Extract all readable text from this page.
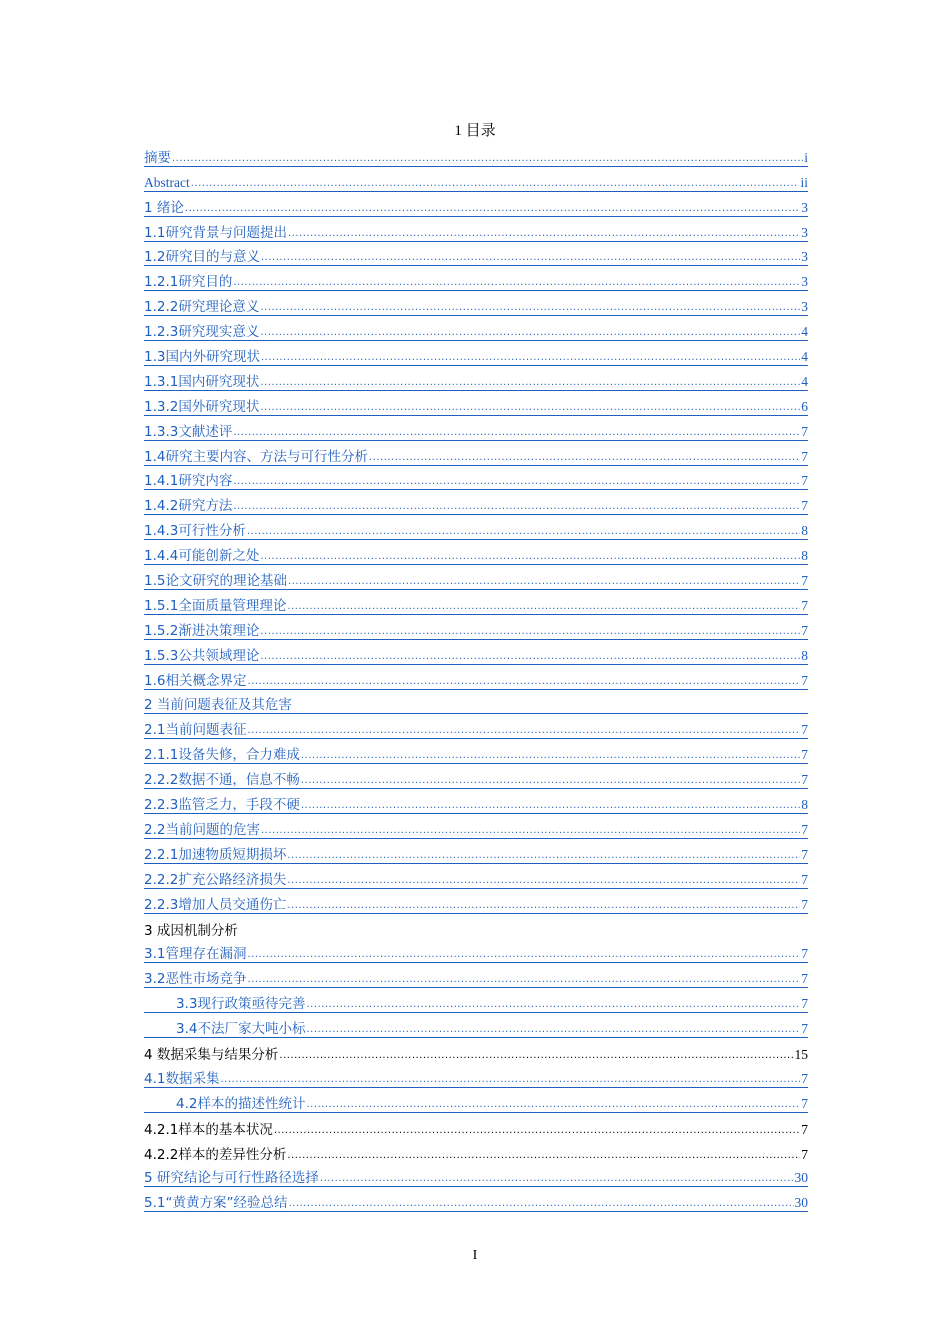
1 目录
摘要 .....	i
Abstract .....	ii
1 绪论 .....	3
1.1研究背景与问题提出 .....	3
1.2研究目的与意义 .....	3
1.2.1研究目的 .....	3
1.2.2研究理论意义 .....	3
1.2.3研究现实意义 .....	4
1.3国内外研究现状 .....	4
1.3.1国内研究现状 .....	4
1.3.2国外研究现状 .....	6
1.3.3文献述评 .....	7
1.4研究主要内容、方法与可行性分析 .....	7
1.4.1研究内容 .....	7
1.4.2研究方法 .....	7
1.4.3可行性分析 .....	8
1.4.4可能创新之处 .....	8
1.5论文研究的理论基础 .....	7
1.5.1全面质量管理理论 .....	7
1.5.2渐进决策理论 .....	7
1.5.3公共领域理论 .....	8
1.6相关概念界定 .....	7
2 当前问题表征及其危害
2.1当前问题表征 .....	7
2.1.1设备失修，合力难成 .....	7
2.2.2数据不通，信息不畅 .....	7
2.2.3监管乏力，手段不硬 .....	8
2.2当前问题的危害 .....	7
2.2.1加速物质短期损坏 .....	7
2.2.2扩充公路经济损失 .....	7
2.2.3增加人员交通伤亡 .....	7
3 成因机制分析
3.1管理存在漏洞 .....	7
3.2恶性市场竞争 .....	7
3.3现行政策亟待完善 .....	7
3.4不法厂家大吨小标 .....	7
4 数据采集与结果分析 .....	15
4.1数据采集 .....	7
4.2样本的描述性统计 .....	7
4.2.1样本的基本状况 .....	7
4.2.2样本的差异性分析 .....	7
5 研究结论与可行性路径选择 .....	30
5.1“黄黄方案”经验总结 .....	30
I
